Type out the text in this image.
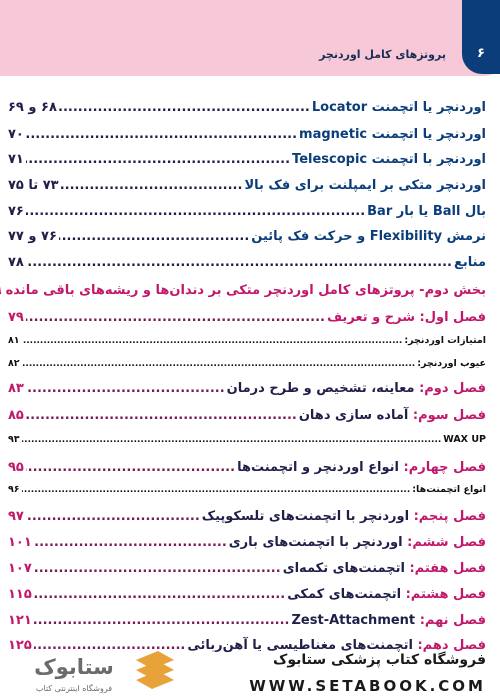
۶
پروتزهای کامل اوردنچر
اوردنچر یا اتچمنت Locator
.....
۶۸ و ۶۹
اوردنچر یا اتچمنت magnetic
.....
۷۰
اوردنچر با اتچمنت Telescopic
.....
۷۱
اوردنچر متکی بر ایمپلنت برای فک بالا
.....
۷۳ تا ۷۵
بال Ball یا بار Bar
.....
۷۶
نرمش Flexibility و حرکت فک پائین
.....
۷۶ و ۷۷
منابع
.....
۷۸
بخش دوم- پروتزهای کامل اوردنچر متکی بر دندان‌ها و ریشه‌های باقی مانده
فصل اول: شرح و تعریف
.....
۷۹
امتیازات اوردنچر:
.....
۸۱
عیوب اوردنچر:
.....
۸۲
فصل دوم: معاینه، تشخیص و طرح درمان
.....
۸۳
فصل سوم: آماده سازی دهان
.....
۸۵
WAX UP
.....
۹۳
فصل چهارم: انواع اوردنچر و اتچمنت‌ها
.....
۹۵
انواع اتچمنت‌ها:
.....
۹۶
فصل پنجم: اوردنچر با اتچمنت‌های تلسکوپیک
.....
۹۷
فصل ششم: اوردنچر با اتچمنت‌های باری
.....
۱۰۱
فصل هفتم: اتچمنت‌های تکمه‌ای
.....
۱۰۷
فصل هشتم: اتچمنت‌های کمکی
.....
۱۱۵
فصل نهم: Zest-Attachment
.....
۱۲۱
فصل دهم: اتچمنت‌های مغناطیسی یا آهن‌ربائی
.....
۱۲۵
ستابوک
فروشگاه اینترنتی کتاب
فروشگاه کتاب پزشکی ستابوک
WWW.SETABOOK.COM
